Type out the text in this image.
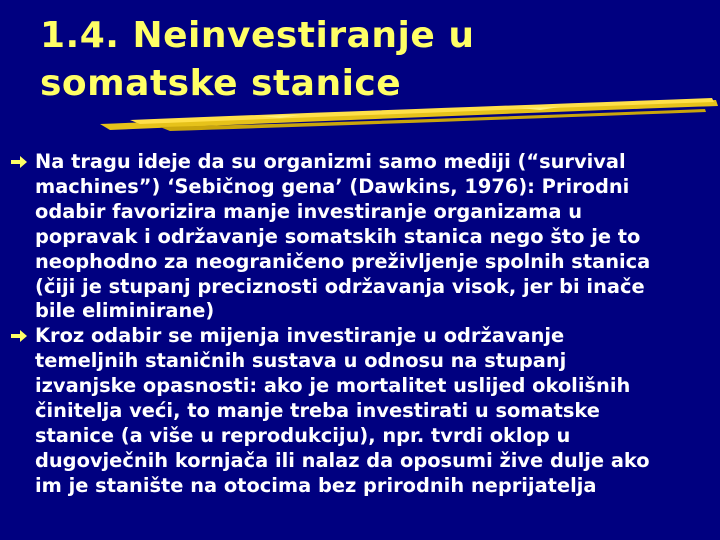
1.4. Neinvestiranje u
somatske stanice
Na tragu ideje da su organizmi samo mediji (“survival
machines”) ‘Sebičnog gena’ (Dawkins, 1976): Prirodni
odabir favorizira manje investiranje organizama u
popravak i održavanje somatskih stanica nego što je to
neophodno za neograničeno preživljenje spolnih stanica
(čiji je stupanj preciznosti održavanja visok, jer bi inače
bile eliminirane)
Kroz odabir se mijenja investiranje u održavanje
temeljnih staničnih sustava u odnosu na stupanj
izvanjske opasnosti: ako je mortalitet uslijed okolišnih
činitelja veći, to manje treba investirati u somatske
stanice (a više u reprodukciju), npr. tvrdi oklop u
dugovječnih kornjača ili nalaz da oposumi žive dulje ako
im je stanište na otocima bez prirodnih neprijatelja
